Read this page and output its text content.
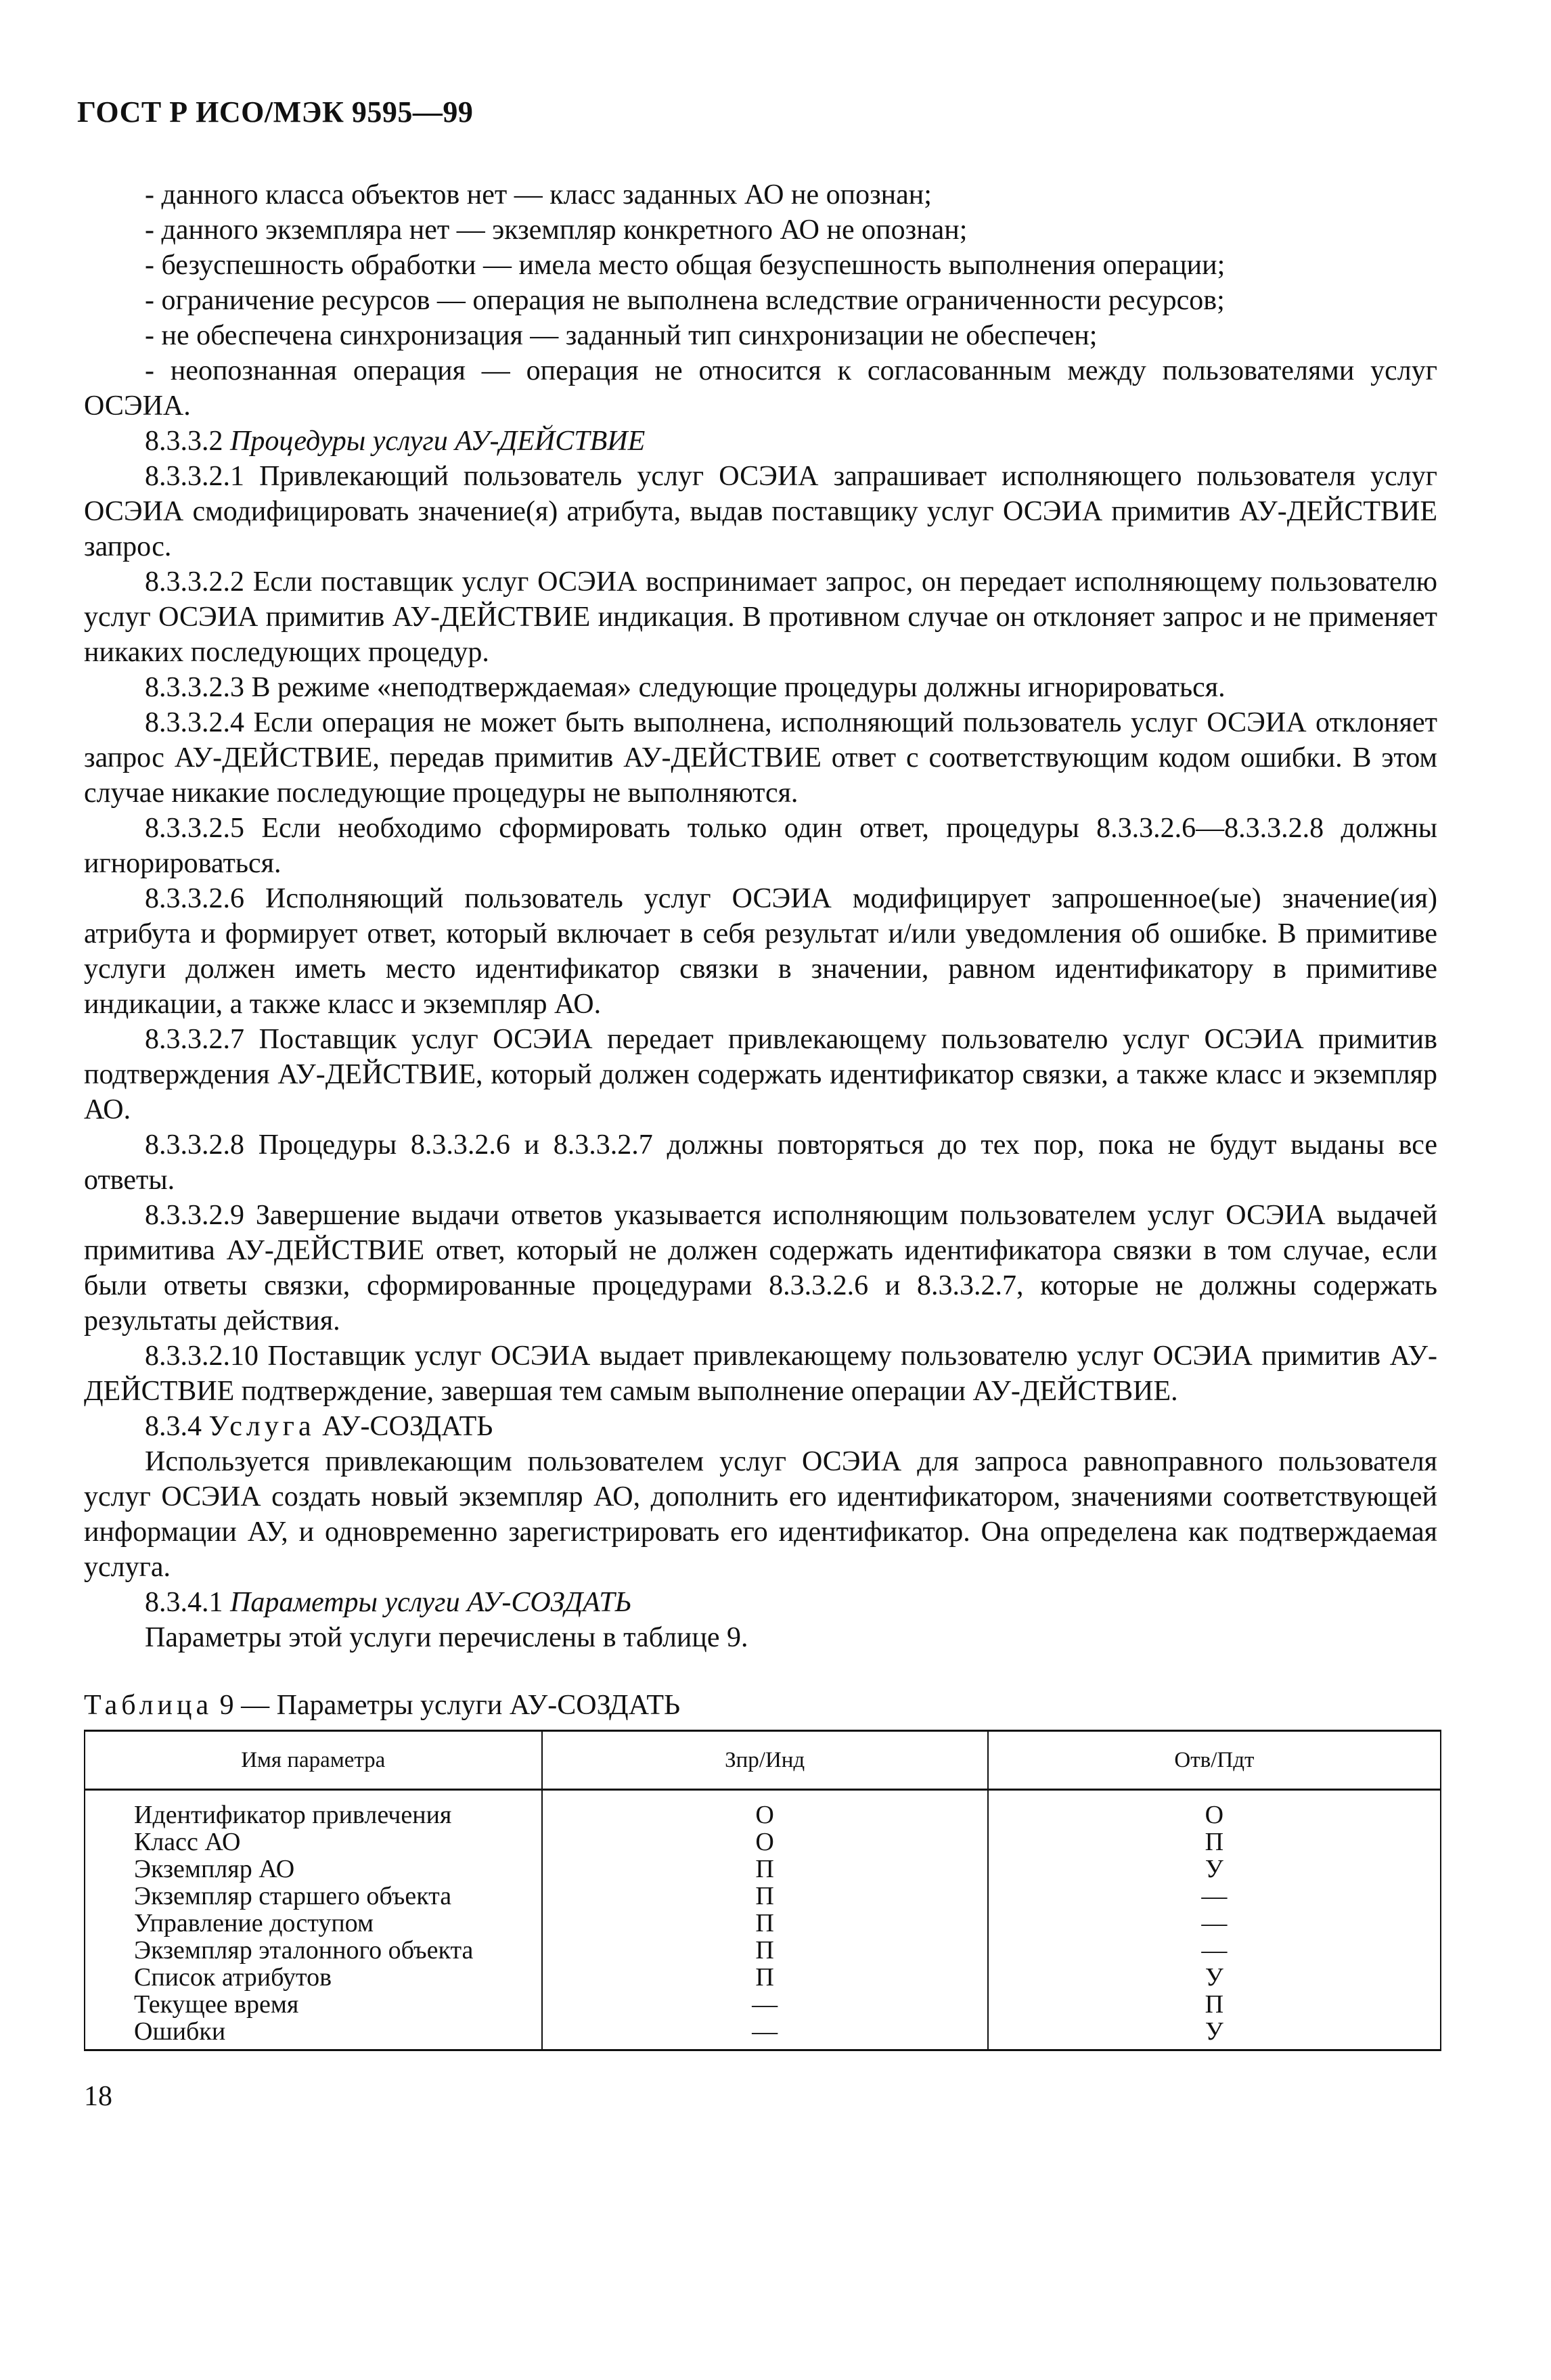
ГОСТ Р ИСО/МЭК 9595—99

- данного класса объектов нет — класс заданных АО не опознан;

- данного экземпляра нет — экземпляр конкретного АО не опознан;

- безуспешность обработки — имела место общая безуспешность выполнения операции;

- ограничение ресурсов — операция не выполнена вследствие ограниченности ресурсов;

- не обеспечена синхронизация — заданный тип синхронизации не обеспечен;

- неопознанная операция — операция не относится к согласованным между пользователями услуг ОСЭИА.

8.3.3.2 Процедуры услуги АУ-ДЕЙСТВИЕ

8.3.3.2.1 Привлекающий пользователь услуг ОСЭИА запрашивает исполняющего пользователя услуг ОСЭИА смодифицировать значение(я) атрибута, выдав поставщику услуг ОСЭИА примитив АУ-ДЕЙСТВИЕ запрос.

8.3.3.2.2 Если поставщик услуг ОСЭИА воспринимает запрос, он передает исполняющему пользователю услуг ОСЭИА примитив АУ-ДЕЙСТВИЕ индикация. В противном случае он отклоняет запрос и не применяет никаких последующих процедур.

8.3.3.2.3 В режиме «неподтверждаемая» следующие процедуры должны игнорироваться.

8.3.3.2.4 Если операция не может быть выполнена, исполняющий пользователь услуг ОСЭИА отклоняет запрос АУ-ДЕЙСТВИЕ, передав примитив АУ-ДЕЙСТВИЕ ответ с соответствующим кодом ошибки. В этом случае никакие последующие процедуры не выполняются.

8.3.3.2.5 Если необходимо сформировать только один ответ, процедуры 8.3.3.2.6—8.3.3.2.8 должны игнорироваться.

8.3.3.2.6 Исполняющий пользователь услуг ОСЭИА модифицирует запрошенное(ые) значение(ия) атрибута и формирует ответ, который включает в себя результат и/или уведомления об ошибке. В примитиве услуги должен иметь место идентификатор связки в значении, равном идентификатору в примитиве индикации, а также класс и экземпляр АО.

8.3.3.2.7 Поставщик услуг ОСЭИА передает привлекающему пользователю услуг ОСЭИА примитив подтверждения АУ-ДЕЙСТВИЕ, который должен содержать идентификатор связки, а также класс и экземпляр АО.

8.3.3.2.8 Процедуры 8.3.3.2.6 и 8.3.3.2.7 должны повторяться до тех пор, пока не будут выданы все ответы.

8.3.3.2.9 Завершение выдачи ответов указывается исполняющим пользователем услуг ОСЭИА выдачей примитива АУ-ДЕЙСТВИЕ ответ, который не должен содержать идентификатора связки в том случае, если были ответы связки, сформированные процедурами 8.3.3.2.6 и 8.3.3.2.7, которые не должны содержать результаты действия.

8.3.3.2.10 Поставщик услуг ОСЭИА выдает привлекающему пользователю услуг ОСЭИА примитив АУ-ДЕЙСТВИЕ подтверждение, завершая тем самым выполнение операции АУ-ДЕЙСТВИЕ.

8.3.4 Услуга АУ-СОЗДАТЬ

Используется привлекающим пользователем услуг ОСЭИА для запроса равноправного пользователя услуг ОСЭИА создать новый экземпляр АО, дополнить его идентификатором, значениями соответствующей информации АУ, и одновременно зарегистрировать его идентификатор. Она определена как подтверждаемая услуга.

8.3.4.1 Параметры услуги АУ-СОЗДАТЬ

Параметры этой услуги перечислены в таблице 9.

Таблица 9 — Параметры услуги АУ-СОЗДАТЬ
Имя параметра	Зпр/Инд	Отв/Пдт
Идентификатор привлечения	О	О
Класс АО	О	П
Экземпляр АО	П	У
Экземпляр старшего объекта	П	—
Управление доступом	П	—
Экземпляр эталонного объекта	П	—
Список атрибутов	П	У
Текущее время	—	П
Ошибки	—	У
18
